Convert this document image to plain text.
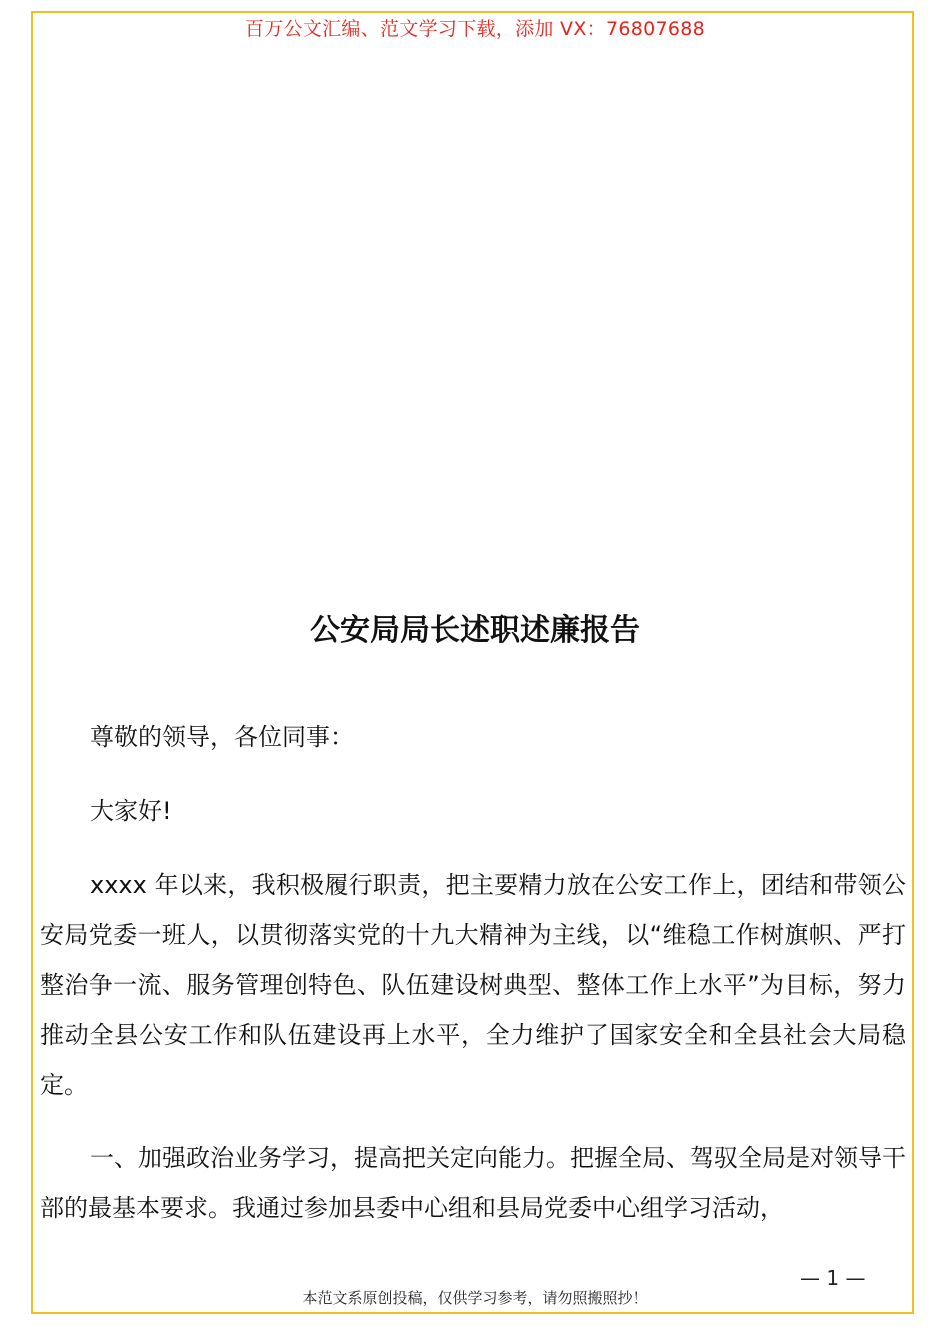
百万公文汇编、范文学习下载，添加 VX：76807688
公安局局长述职述廉报告

尊敬的领导，各位同事：

大家好!

xxxx 年以来，我积极履行职责，把主要精力放在公安工作上，团结和带领公安局党委一班人，以贯彻落实党的十九大精神为主线，以“维稳工作树旗帜、严打整治争一流、服务管理创特色、队伍建设树典型、整体工作上水平”为目标，努力推动全县公安工作和队伍建设再上水平，全力维护了国家安全和全县社会大局稳定。

一、加强政治业务学习，提高把关定向能力。把握全局、驾驭全局是对领导干部的最基本要求。我通过参加县委中心组和县局党委中心组学习活动，

— 1 —
本范文系原创投稿，仅供学习参考，请勿照搬照抄！
